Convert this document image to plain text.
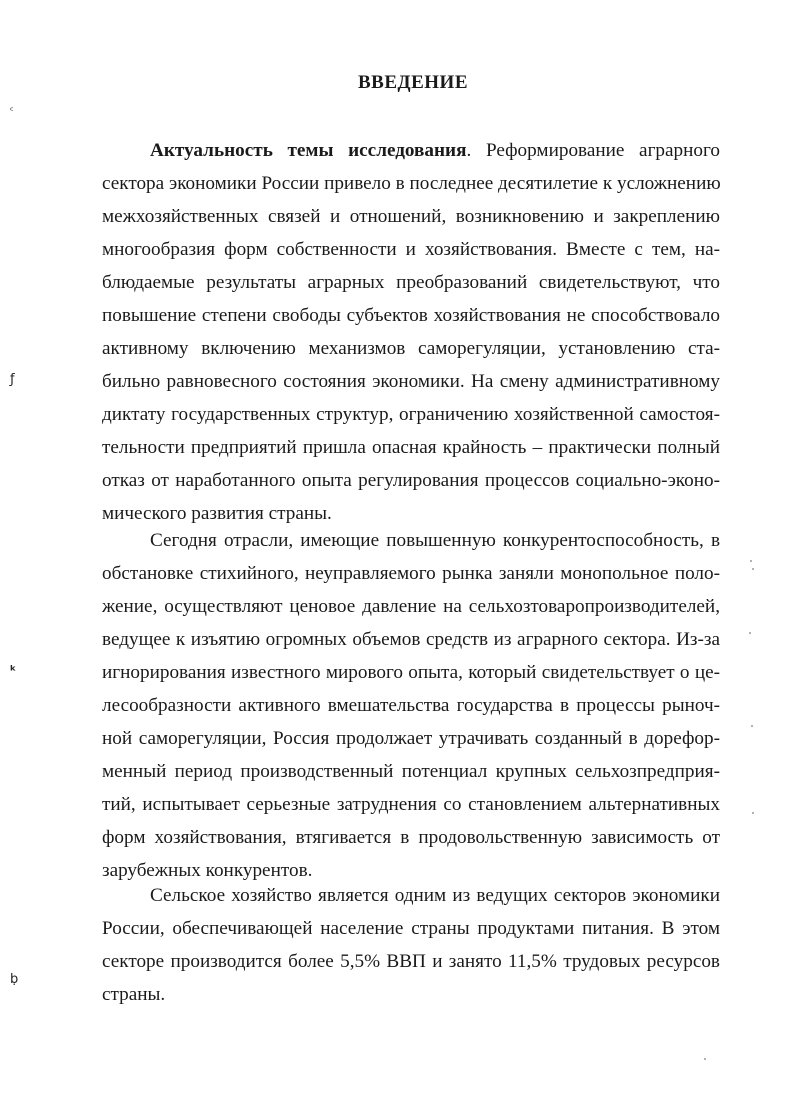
ВВЕДЕНИЕ
Актуальность темы исследования. Реформирование аграрного
сектора экономики России привело в последнее десятилетие к усложнению
межхозяйственных связей и отношений, возникновению и закреплению
многообразия форм собственности и хозяйствования. Вместе с тем, на-
блюдаемые результаты аграрных преобразований свидетельствуют, что
повышение степени свободы субъектов хозяйствования не способствовало
активному включению механизмов саморегуляции, установлению ста-
бильно равновесного состояния экономики. На смену административному
диктату государственных структур, ограничению хозяйственной самостоя-
тельности предприятий пришла опасная крайность – практически полный
отказ от наработанного опыта регулирования процессов социально-эконо-
мического развития страны.
Сегодня отрасли, имеющие повышенную конкурентоспособность, в
обстановке стихийного, неуправляемого рынка заняли монопольное поло-
жение, осуществляют ценовое давление на сельхозтоваропроизводителей,
ведущее к изъятию огромных объемов средств из аграрного сектора. Из-за
игнорирования известного мирового опыта, который свидетельствует о це-
лесообразности активного вмешательства государства в процессы рыноч-
ной саморегуляции, Россия продолжает утрачивать созданный в дорефор-
менный период производственный потенциал крупных сельхозпредприя-
тий, испытывает серьезные затруднения со становлением альтернативных
форм хозяйствования, втягивается в продовольственную зависимость от
зарубежных конкурентов.
Сельское хозяйство является одним из ведущих секторов экономики
России, обеспечивающей население страны продуктами питания. В этом
секторе производится более 5,5% ВВП и занято 11,5% трудовых ресурсов
страны.
ᶜ
ƒ
ᵏ
ḅ
